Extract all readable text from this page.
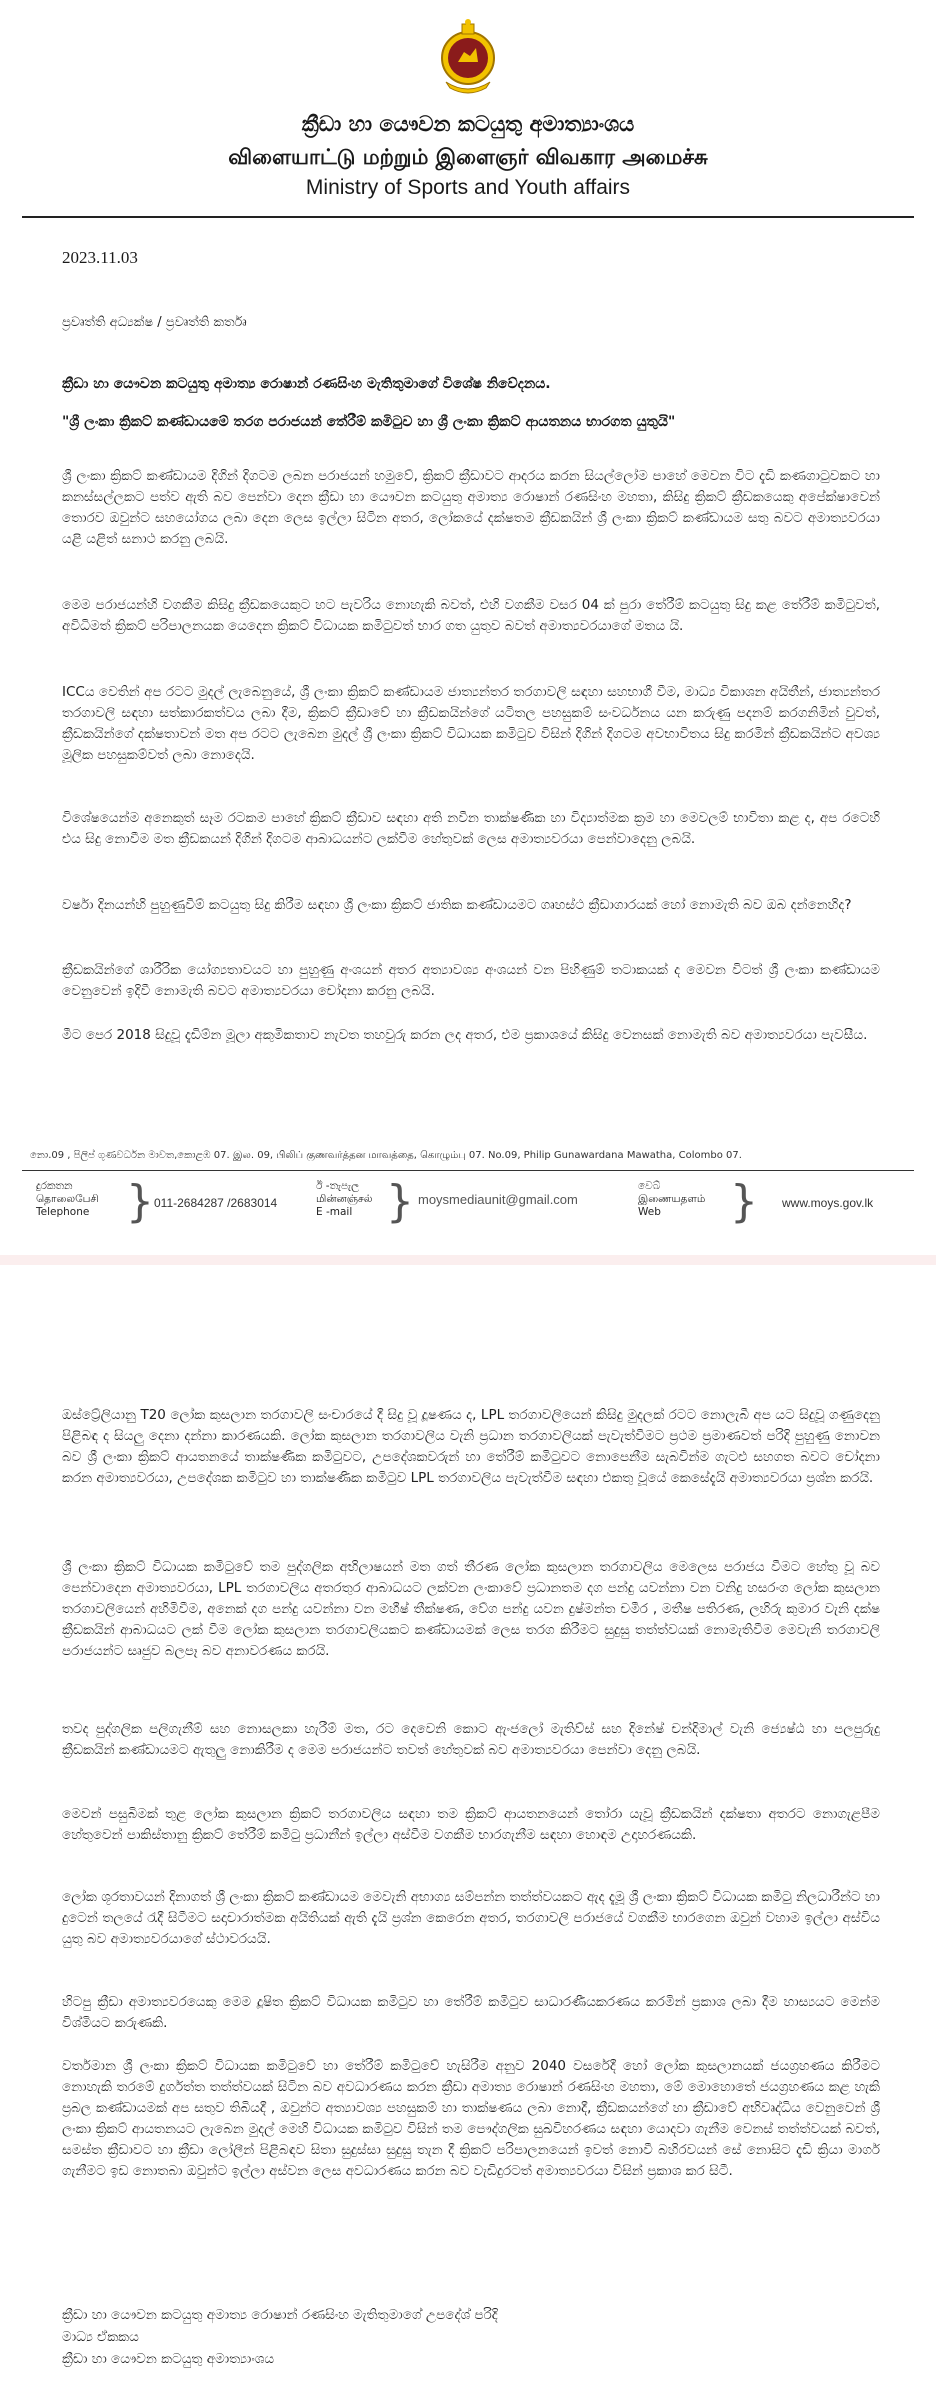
ක්‍රීඩා හා යෞවන කටයුතු අමාත්‍යාංශය

விளையாட்டு மற்றும் இளைஞர் விவகார அமைச்சு

Ministry of Sports and Youth affairs

2023.11.03
ප්‍රවෘත්ති අධ්‍යක්ෂ / ප්‍රවෘත්ති කර්තෘ
ක්‍රීඩා හා යෞවන කටයුතු අමාත්‍ය රොෂාන් රණසිංහ මැතිතුමාගේ විශේෂ නිවේදනය.
"ශ්‍රී ලංකා ක්‍රිකට් කණ්ඩායමේ තරග පරාජයන් තේරීම් කමිටුව හා ශ්‍රී ලංකා ක්‍රිකට් ආයතනය භාරගත යුතුයි"

ශ්‍රී ලංකා ක්‍රිකට් කණ්ඩායම දිගින් දිගටම ලබන පරාජයන් හමුවේ, ක්‍රිකට් ක්‍රීඩාවට ආදරය කරන සියල්ලෝම පාහේ මෙවන විට දැඩි කණගාටුවකට හා කනස්සල්ලකට පත්ව ඇති බව පෙන්වා දෙන ක්‍රීඩා හා යෞවන කටයුතු අමාත්‍ය රොෂාන් රණසිංහ මහතා, කිසිදු ක්‍රිකට් ක්‍රීඩකයෙකු අපේක්ෂාවෙන් තොරව ඔවුන්ට සහයෝගය ලබා දෙන ලෙස ඉල්ලා සිටින අතර, ලෝකයේ දක්ෂතම ක්‍රීඩකයින් ශ්‍රී ලංකා ක්‍රිකට් කණ්ඩායම සතු බවට අමාත්‍යවරයා යළි යළිත් සනාථ කරනු ලබයි.

මෙම පරාජයන්හි වගකීම කිසිදු ක්‍රීඩකයෙකුට හට පැවරිය නොහැකි බවත්, එහි වගකීම වසර 04 ක් පුරා තේරීම් කටයුතු සිදු කළ තේරීම් කමිටුවත්, අවිධිමත් ක්‍රිකට් පරිපාලනයක යෙදෙන ක්‍රිකට් විධායක කමිටුවත් භාර ගත යුතුව බවත් අමාත්‍යවරයාගේ මතය යි.

ICCය වෙතින් අප රටට මුදල් ලැබෙනුයේ, ශ්‍රී ලංකා ක්‍රිකට් කණ්ඩායම ජාත්‍යන්තර තරගාවලි සඳහා සහභාගී වීම, මාධ්‍ය විකාශන අයිතීන්, ජාත්‍යන්තර තරගාවලි සඳහා සත්කාරකත්වය ලබා දීම, ක්‍රිකට් ක්‍රීඩාවේ හා ක්‍රීඩකයින්ගේ යටිතල පහසුකම් සංවර්ධනය යන කරුණු පදනම් කරගනිමින් වුවත්, ක්‍රීඩකයින්ගේ දක්ෂතාවන් මත අප රටට ලැබෙන මුදල් ශ්‍රී ලංකා ක්‍රිකට් විධායක කමිටුව විසින් දිගින් දිගටම අවභාවිතය සිදු කරමින් ක්‍රීඩකයින්ට අවශ්‍ය මූලික පහසුකම්වත් ලබා නොදෙයි.

විශේෂයෙන්ම අනෙකුත් සෑම රටකම පාහේ ක්‍රිකට් ක්‍රීඩාව සඳහා අති නවීන තාක්ෂණික හා විද්‍යාත්මක ක්‍රම හා මෙවලම් භාවිතා කළ ද, අප රටෙහි එය සිදු නොවීම මත ක්‍රීඩකයන් දිගින් දිගටම ආබාධයන්ට ලක්වීම හේතුවක් ලෙස අමාත්‍යවරයා පෙන්වාදෙනු ලබයි.

වර්ෂා දිනයන්හි පුහුණුවීම් කටයුතු සිදු කිරීම සඳහා ශ්‍රී ලංකා ක්‍රිකට් ජාතික කණ්ඩායමට ගෘහස්ථ ක්‍රීඩාගාරයක් හෝ නොමැති බව ඔබ දන්නෙහිද?

ක්‍රීඩකයින්ගේ ශාරීරික යෝග්‍යතාවයට හා පුහුණු අංශයන් අතර අත්‍යාවශ්‍ය අංශයන් වන පිහිණුම් තටාකයක් ද මෙවන විටත් ශ්‍රී ලංකා කණ්ඩායම වෙනුවෙන් ඉදිවී නොමැති බවට අමාත්‍යවරයා චෝදනා කරනු ලබයි.

මීට පෙර 2018 සිදුවූ දැඩිම්න මූලා අකුමිකතාව නැවත තහවුරු කරන ලද අතර, එම ප්‍රකාශයේ කිසිදු වෙනසක් නොමැති බව අමාත්‍යවරයා පැවසීය.

නො.09 , පිලිප් ගුණවර්ධන මාවත,කොළඹ 07. இல. 09, பிலிப் குணவர்த்தன மாவத்தை, கொழும்பு 07. No.09, Philip Gunawardana Mawatha, Colombo 07.
දුරකතන
தொலைபேசி
Telephone } 011-2684287 /2683014
ඊ -තැපැල
மின்னஞ்சல்
E -mail } moysmediaunit@gmail.com
වෙබ්
இணையதளம்
Web	} www.moys.gov.lk

ඔස්ට්‍රේලියානු T20 ලෝක කුසලාන තරගාවලි සංචාරයේ දී සිදු වූ දූෂණය ද, LPL තරගාවලියෙන් කිසිදු මුදලක් රටට නොලැබී අප යට සිදුවූ ගණුදෙනු පිළිබඳ ද සියලු දෙනා දන්නා කාරණයකි. ලෝක කුසලාන තරගාවලිය වැනි ප්‍රධාන තරගාවලියක් පැවැත්වීමට ප්‍රථම ප්‍රමාණවත් පරිදි පුහුණු නොවන බව ශ්‍රී ලංකා ක්‍රිකට් ආයතනයේ තාක්ෂණික කමිටුවට, උපදේශකවරුන් හා තේරීම් කමිටුවට නොපෙනීම සැබවින්ම ගැටළු සහගත බවට චෝදනා කරන අමාත්‍යවරයා, උපදේශක කමිටුව හා තාක්ෂණික කමිටුව LPL තරගාවලිය පැවැත්වීම සඳහා එකතු වූයේ කෙසේදැයි අමාත්‍යවරයා ප්‍රශ්න කරයි.

ශ්‍රී ලංකා ක්‍රිකට් විධායක කමිටුවේ තම පුද්ගලික අභිලාෂයන් මත ගත් තීරණ ලෝක කුසලාන තරගාවලිය මෙලෙස පරාජය වීමට හේතු වූ බව පෙන්වාදෙන අමාත්‍යවරයා, LPL තරගාවලිය අතරතුර ආබාධයට ලක්වන ලංකාවේ ප්‍රධානතම දග පන්දු යවන්නා වන වනිදු හසරංග ලෝක කුසලාන තරගාවලියෙන් අහිමිවීම, අනෙක් දග පන්දු යවන්නා වන මහීෂ් තීක්ෂණ, වේග පන්දු යවන දුෂ්මන්ත චමීර , මතීෂ පතිරණ, ලහිරු කුමාර වැනි දක්ෂ ක්‍රීඩකයින් ආබාධයට ලක් වීම ලෝක කුසලාන තරගාවලියකට කණ්ඩායමක් ලෙස තරග කිරීමට සුදුසු තත්ත්වයක් නොමැතිවීම මෙවැනි තරගාවලි පරාජයන්ට සෘජුව බලපෑ බව අනාවරණය කරයි.

තවද පුද්ගලික පලිගැනීම් සහ නොසලකා හැරීම් මත, රට දෙවෙනි කොට ඇංජලෝ මැතිව්ස් සහ දිනේෂ් චන්දිමාල් වැනි ජ්‍යෙෂ්ඨ හා පලපුරුදු ක්‍රීඩකයින් කණ්ඩායමට ඇතුලු නොකිරීම ද මෙම පරාජයන්ට තවත් හේතුවක් බව අමාත්‍යවරයා පෙන්වා දෙනු ලබයි.

මෙවන් පසුබිමක් තුළ ලෝක කුසලාන ක්‍රිකට් තරගාවලිය සඳහා තම ක්‍රිකට් ආයතනයෙන් තෝරා යැවූ ක්‍රීඩකයින් දක්ෂතා අතරට නොගැළපීම හේතුවෙන් පාකිස්තානු ක්‍රිකට් තේරීම් කමිටු ප්‍රධානීන් ඉල්ලා අස්වීම වගකීම භාරගැනීම සඳහා හොඳම උදාහරණයකි.

ලෝක ශූරතාවයන් දිනාගත් ශ්‍රී ලංකා ක්‍රිකට් කණ්ඩායම මෙවැනි අභාග්‍ය සම්පන්න තත්ත්වයකට ඇද දැමූ ශ්‍රී ලංකා ක්‍රිකට් විධායක කමිටු නිලධාරීන්ට හා දුටෙන් තලයේ රැදී සිටීමට සදාචාරාත්මක අයිතියක් ඇති දැයි ප්‍රශ්න කෙරෙන අතර, තරගාවලි පරාජයේ වගකීම භාරගෙන ඔවුන් වහාම ඉල්ලා අස්විය යුතු බව අමාත්‍යවරයාගේ ස්ථාවරයයි.

හිටපු ක්‍රීඩා අමාත්‍යවරයෙකු මෙම දූෂිත ක්‍රිකට් විධායක කමිටුව හා තේරීම් කමිටුව සාධාරණීයකරණය කරමින් ප්‍රකාශ ලබා දීම හාස්‍යයට මෙන්ම විශ්මියට කරුණකි.

වර්තමාන ශ්‍රී ලංකා ක්‍රිකට් විධායක කමිටුවේ හා තේරීම් කමිටුවේ හැසිරීම අනුව 2040 වසරේදී හෝ ලෝක කුසලානයක් ජයග්‍රහණය කිරීමට නොහැකි තරමේ දුර්ගත්ත තත්ත්වයක් සිටින බව අවධාරණය කරන ක්‍රීඩා අමාත්‍ය රොෂාන් රණසිංහ මහතා, මේ මොහොතේ ජයග්‍රහණය කළ හැකි ප්‍රබල කණ්ඩායමක් අප සතුව තිබියදී , ඔවුන්ට අත්‍යාවශ්‍ය පහසුකම් හා තාක්ෂණය ලබා නොදී, ක්‍රීඩකයන්ගේ හා ක්‍රීඩාවේ අභිවෘද්ධිය වෙනුවෙන් ශ්‍රී ලංකා ක්‍රිකට් ආයතනයට ලැබෙන මුදල් මෙහි විධායක කමිටුව විසින් තම පෞද්ගලික සුඛවිහරණය සඳහා යොදවා ගැනීම වෙනස් තත්ත්වයක් බවත්, සමස්ත ක්‍රීඩාවට හා ක්‍රීඩා ලෝලීන් පිළිබඳව සිතා සුදුස්සා සුදුසු තැන දී ක්‍රිකට් පරිපාලනයෙන් ඉවත් නොවී බහිරවයන් සේ නොසිට දැඩි ක්‍රියා මාර්ග ගැනීමට ඉඩ නොතබා ඔවුන්ට ඉල්ලා අස්වන ලෙස අවධාරණය කරන බව වැඩිදුරටත් අමාත්‍යවරයා විසින් ප්‍රකාශ කර සිටී.

ක්‍රීඩා හා යෞවන කටයුතු අමාත්‍ය රොෂාන් රණසිංහ මැතිතුමාගේ උපදේශ් පරිදි
මාධ්‍ය ඒකකය
ක්‍රීඩා හා යෞවන කටයුතු අමාත්‍යාංශය
